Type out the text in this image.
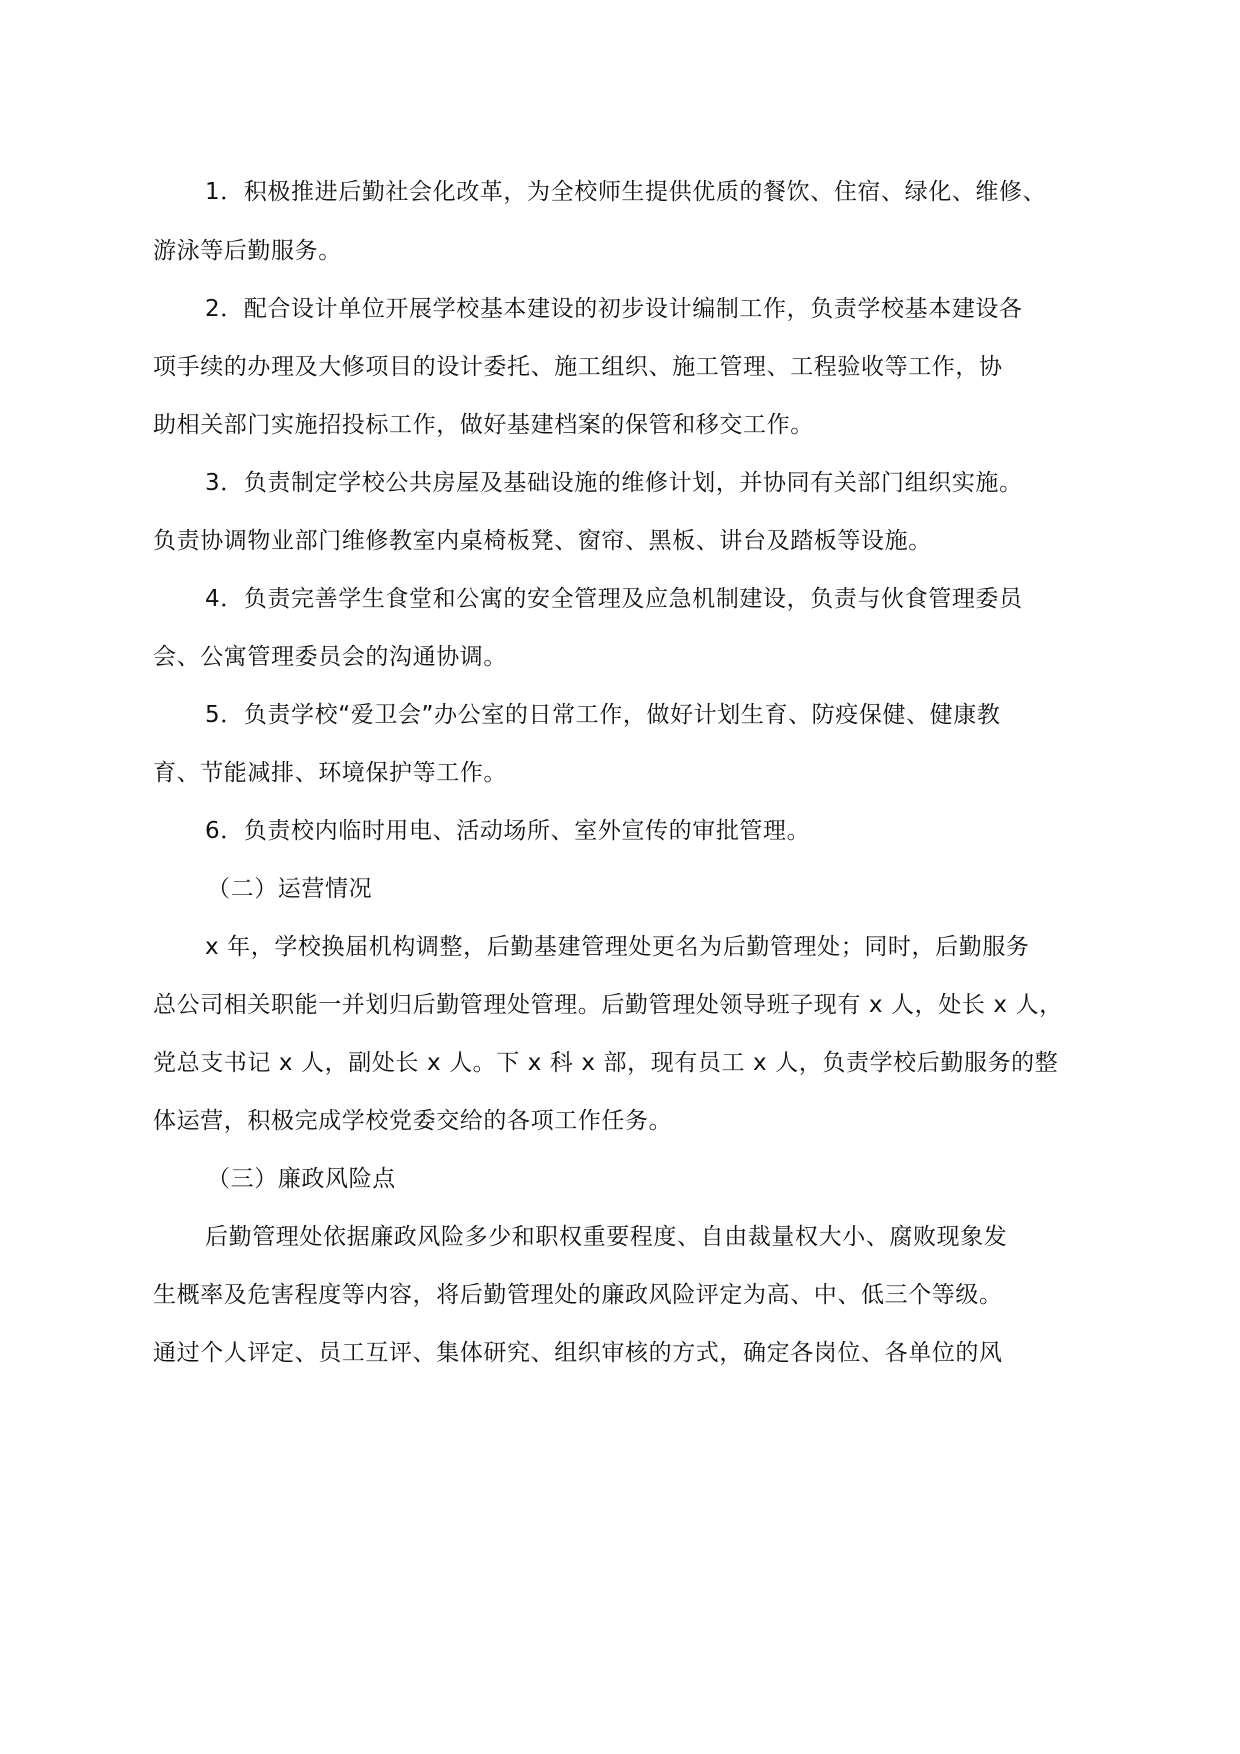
1．积极推进后勤社会化改革，为全校师生提供优质的餐饮、住宿、绿化、维修、
游泳等后勤服务。
2．配合设计单位开展学校基本建设的初步设计编制工作，负责学校基本建设各
项手续的办理及大修项目的设计委托、施工组织、施工管理、工程验收等工作，协
助相关部门实施招投标工作，做好基建档案的保管和移交工作。
3．负责制定学校公共房屋及基础设施的维修计划，并协同有关部门组织实施。
负责协调物业部门维修教室内桌椅板凳、窗帘、黑板、讲台及踏板等设施。
4．负责完善学生食堂和公寓的安全管理及应急机制建设，负责与伙食管理委员
会、公寓管理委员会的沟通协调。
5．负责学校“爱卫会”办公室的日常工作，做好计划生育、防疫保健、健康教
育、节能减排、环境保护等工作。
6．负责校内临时用电、活动场所、室外宣传的审批管理。
（二）运营情况
x 年，学校换届机构调整，后勤基建管理处更名为后勤管理处；同时，后勤服务
总公司相关职能一并划归后勤管理处管理。后勤管理处领导班子现有 x 人，处长 x 人，
党总支书记 x 人，副处长 x 人。下 x 科 x 部，现有员工 x 人，负责学校后勤服务的整
体运营，积极完成学校党委交给的各项工作任务。
（三）廉政风险点
后勤管理处依据廉政风险多少和职权重要程度、自由裁量权大小、腐败现象发
生概率及危害程度等内容，将后勤管理处的廉政风险评定为高、中、低三个等级。
通过个人评定、员工互评、集体研究、组织审核的方式，确定各岗位、各单位的风
